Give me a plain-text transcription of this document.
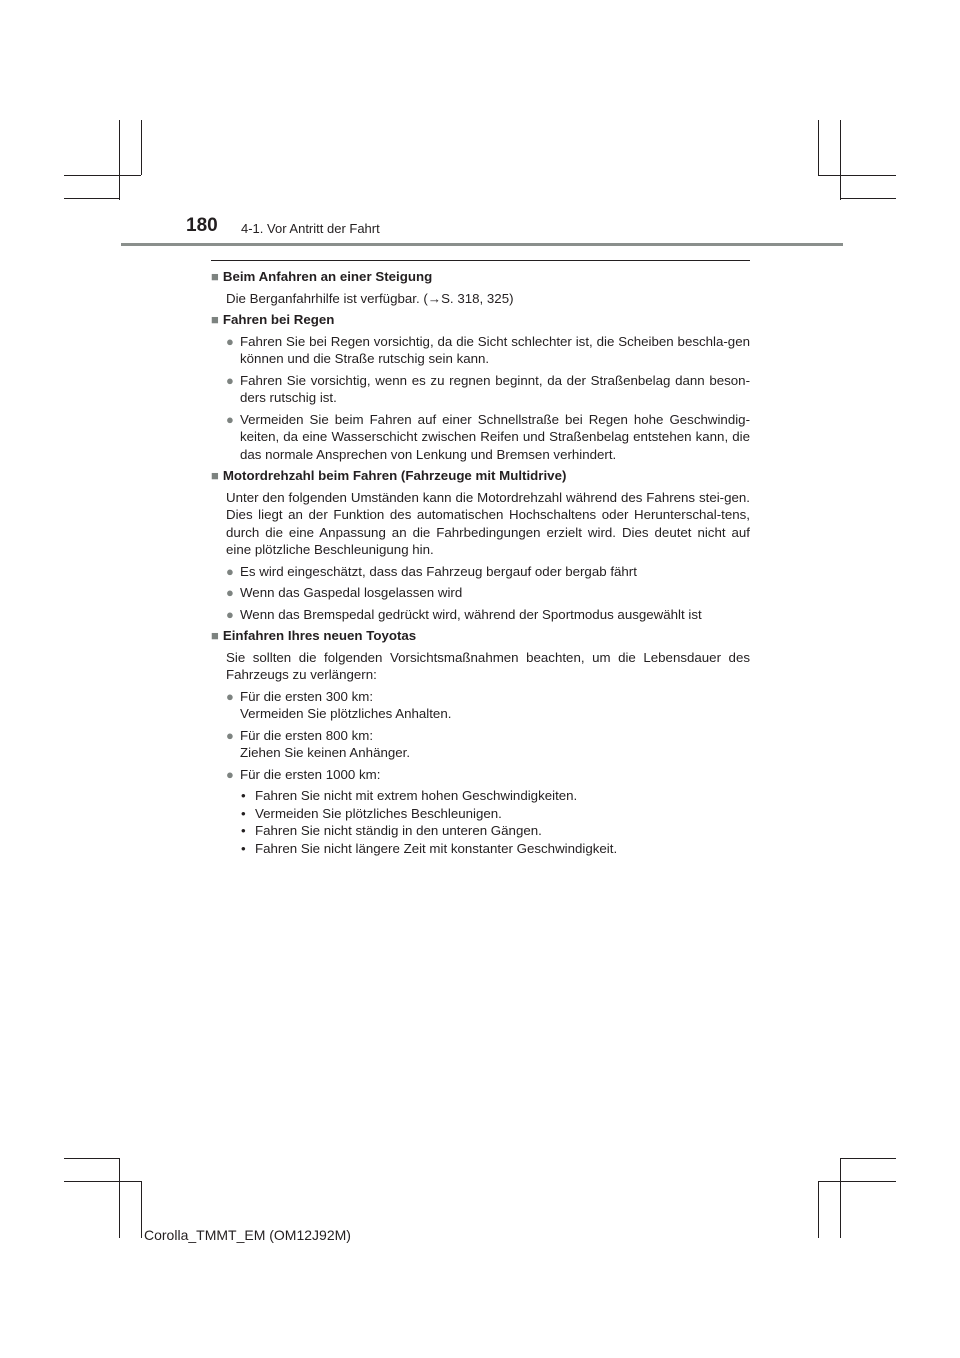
180 4-1. Vor Antritt der Fahrt
■ Beim Anfahren an einer Steigung
Die Berganfahrhilfe ist verfügbar. (→S. 318, 325)
■ Fahren bei Regen
● Fahren Sie bei Regen vorsichtig, da die Sicht schlechter ist, die Scheiben beschla-gen können und die Straße rutschig sein kann.
● Fahren Sie vorsichtig, wenn es zu regnen beginnt, da der Straßenbelag dann beson-ders rutschig ist.
● Vermeiden Sie beim Fahren auf einer Schnellstraße bei Regen hohe Geschwindig-keiten, da eine Wasserschicht zwischen Reifen und Straßenbelag entstehen kann, die das normale Ansprechen von Lenkung und Bremsen verhindert.
■ Motordrehzahl beim Fahren (Fahrzeuge mit Multidrive)
Unter den folgenden Umständen kann die Motordrehzahl während des Fahrens stei-gen. Dies liegt an der Funktion des automatischen Hochschaltens oder Herunterschal-tens, durch die eine Anpassung an die Fahrbedingungen erzielt wird. Dies deutet nicht auf eine plötzliche Beschleunigung hin.
● Es wird eingeschätzt, dass das Fahrzeug bergauf oder bergab fährt
● Wenn das Gaspedal losgelassen wird
● Wenn das Bremspedal gedrückt wird, während der Sportmodus ausgewählt ist
■ Einfahren Ihres neuen Toyotas
Sie sollten die folgenden Vorsichtsmaßnahmen beachten, um die Lebensdauer des Fahrzeugs zu verlängern:
● Für die ersten 300 km:
Vermeiden Sie plötzliches Anhalten.
● Für die ersten 800 km:
Ziehen Sie keinen Anhänger.
● Für die ersten 1000 km:
• Fahren Sie nicht mit extrem hohen Geschwindigkeiten.
• Vermeiden Sie plötzliches Beschleunigen.
• Fahren Sie nicht ständig in den unteren Gängen.
• Fahren Sie nicht längere Zeit mit konstanter Geschwindigkeit.
Corolla_TMMT_EM (OM12J92M)
